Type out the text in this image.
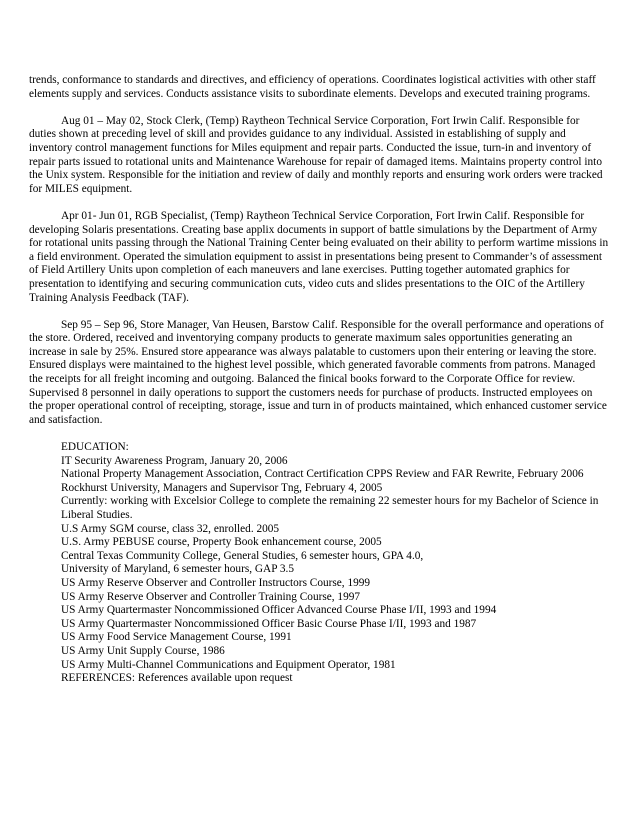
trends, conformance to standards and directives, and efficiency of operations. Coordinates logistical activities with other staff elements supply and services. Conducts assistance visits to subordinate elements. Develops and executed training programs.

Aug 01 – May 02, Stock Clerk, (Temp) Raytheon Technical Service Corporation, Fort Irwin Calif. Responsible for duties shown at preceding level of skill and provides guidance to any individual. Assisted in establishing of supply and inventory control management functions for Miles equipment and repair parts. Conducted the issue, turn-in and inventory of repair parts issued to rotational units and Maintenance Warehouse for repair of damaged items. Maintains property control into the Unix system. Responsible for the initiation and review of daily and monthly reports and ensuring work orders were tracked for MILES equipment.

Apr 01- Jun 01, RGB Specialist, (Temp) Raytheon Technical Service Corporation, Fort Irwin Calif. Responsible for developing Solaris presentations. Creating base applix documents in support of battle simulations by the Department of Army for rotational units passing through the National Training Center being evaluated on their ability to perform wartime missions in a field environment. Operated the simulation equipment to assist in presentations being present to Commander’s of assessment of Field Artillery Units upon completion of each maneuvers and lane exercises. Putting together automated graphics for presentation to identifying and securing communication cuts, video cuts and slides presentations to the OIC of the Artillery Training Analysis Feedback (TAF).

Sep 95 – Sep 96, Store Manager, Van Heusen, Barstow Calif. Responsible for the overall performance and operations of the store. Ordered, received and inventorying company products to generate maximum sales opportunities generating an increase in sale by 25%. Ensured store appearance was always palatable to customers upon their entering or leaving the store. Ensured displays were maintained to the highest level possible, which generated favorable comments from patrons. Managed the receipts for all freight incoming and outgoing. Balanced the finical books forward to the Corporate Office for review. Supervised 8 personnel in daily operations to support the customers needs for purchase of products. Instructed employees on the proper operational control of receipting, storage, issue and turn in of products maintained, which enhanced customer service and satisfaction.

EDUCATION:
IT Security Awareness Program, January 20, 2006
National Property Management Association, Contract Certification CPPS Review and FAR Rewrite, February 2006
Rockhurst University, Managers and Supervisor Tng, February 4, 2005
Currently: working with Excelsior College to complete the remaining 22 semester hours for my Bachelor of Science in Liberal Studies.
U.S Army SGM course, class 32, enrolled. 2005
U.S. Army PEBUSE course, Property Book enhancement course, 2005
Central Texas Community College, General Studies, 6 semester hours, GPA 4.0,
University of Maryland, 6 semester hours, GAP 3.5
US Army Reserve Observer and Controller Instructors Course, 1999
US Army Reserve Observer and Controller Training Course, 1997
US Army Quartermaster Noncommissioned Officer Advanced Course Phase I/II, 1993 and 1994
US Army Quartermaster Noncommissioned Officer Basic Course Phase I/II, 1993 and 1987
US Army Food Service Management Course, 1991
US Army Unit Supply Course, 1986
US Army Multi-Channel Communications and Equipment Operator, 1981
REFERENCES: References available upon request
